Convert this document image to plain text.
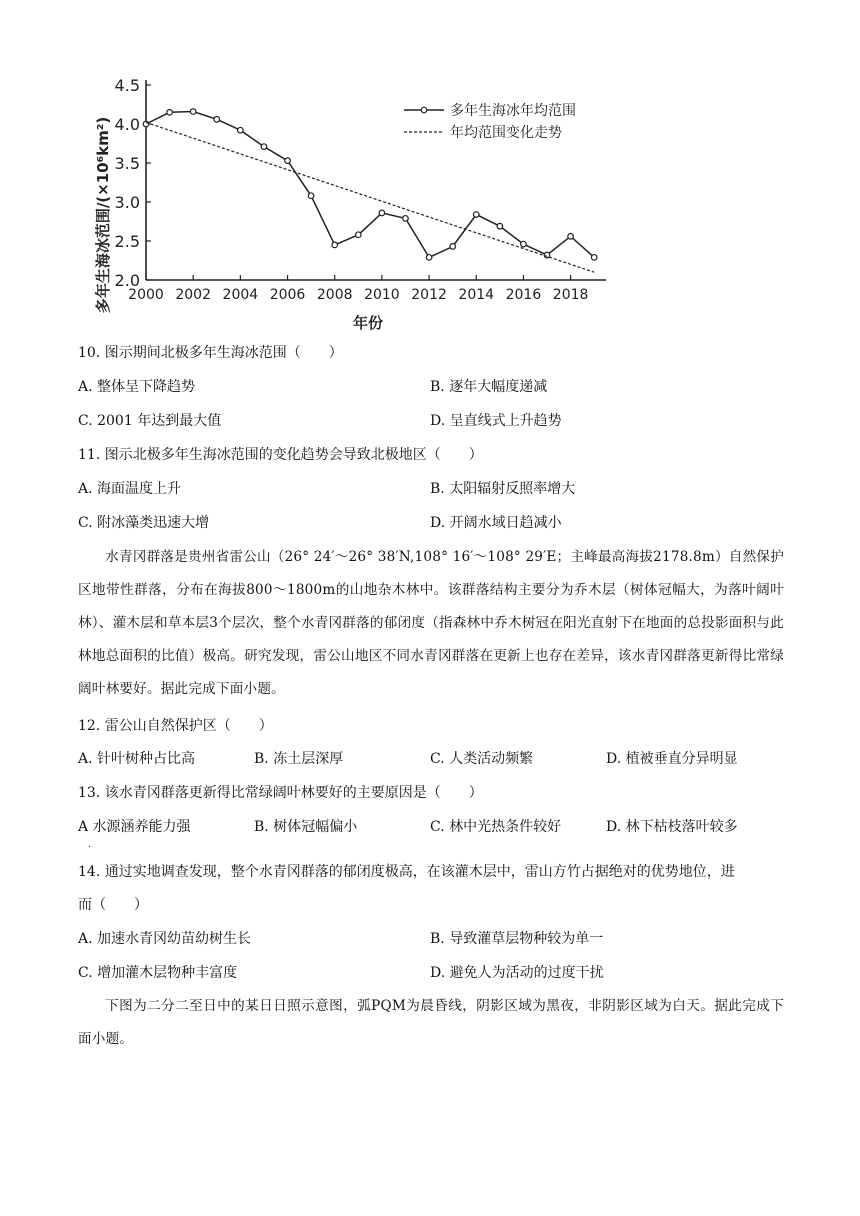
2.0
2.5
3.0
3.5
4.0
4.5
2000 2002 2004 2006 2008 2010 2012 2014 2016 2018
多年生海冰年均范围
年均范围变化走势
多年生海冰范围/(×10⁶km²)
年份
10. 图示期间北极多年生海冰范围（　　）
A. 整体呈下降趋势	B. 逐年大幅度递减
C. 2001 年达到最大值	D. 呈直线式上升趋势
11. 图示北极多年生海冰范围的变化趋势会导致北极地区（　　）
A. 海面温度上升	B. 太阳辐射反照率增大
C. 附冰藻类迅速大增	D. 开阔水域日趋减小
水青冈群落是贵州省雷公山（26° 24′～26° 38′N,108° 16′～108° 29′E；主峰最高海拔2178.8m）自然保护区地带性群落，分布在海拔800～1800m的山地杂木林中。该群落结构主要分为乔木层（树体冠幅大，为落叶阔叶林）、灌木层和草本层3个层次，整个水青冈群落的郁闭度（指森林中乔木树冠在阳光直射下在地面的总投影面积与此林地总面积的比值）极高。研究发现，雷公山地区不同水青冈群落在更新上也存在差异，该水青冈群落更新得比常绿阔叶林要好。据此完成下面小题。
12. 雷公山自然保护区（　　）
A. 针叶树种占比高	B. 冻土层深厚	C. 人类活动频繁	D. 植被垂直分异明显
13. 该水青冈群落更新得比常绿阔叶林要好的主要原因是（　　）
A 水源涵养能力强
.
B. 树体冠幅偏小	C. 林中光热条件较好	D. 林下枯枝落叶较多
14. 通过实地调查发现，整个水青冈群落的郁闭度极高，在该灌木层中，雷山方竹占据绝对的优势地位，进
而（　　）
A. 加速水青冈幼苗幼树生长	B. 导致灌草层物种较为单一
C. 增加灌木层物种丰富度	D. 避免人为活动的过度干扰
下图为二分二至日中的某日日照示意图，弧PQM为晨昏线，阴影区域为黑夜，非阴影区域为白天。据此完成下面小题。
